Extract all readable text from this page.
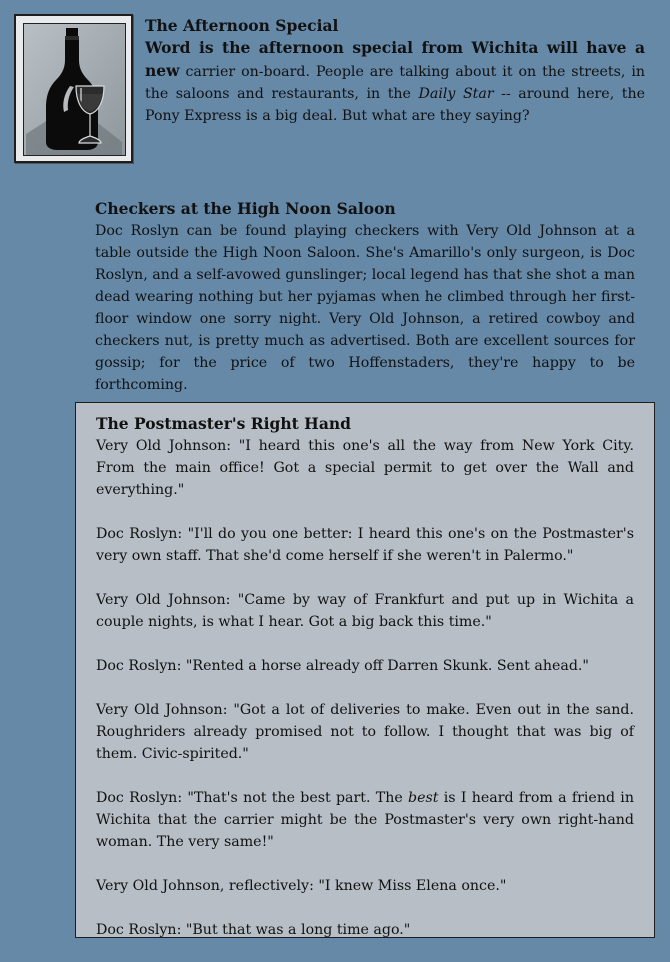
The Afternoon Special
Word is the afternoon special from Wichita will have a new carrier on-board. People are talking about it on the streets, in the saloons and restaurants, in the Daily Star -- around here, the Pony Express is a big deal. But what are they saying?
Checkers at the High Noon Saloon
Doc Roslyn can be found playing checkers with Very Old Johnson at a table outside the High Noon Saloon. She's Amarillo's only surgeon, is Doc Roslyn, and a self-avowed gunslinger; local legend has that she shot a man dead wearing nothing but her pyjamas when he climbed through her first-floor window one sorry night. Very Old Johnson, a retired cowboy and checkers nut, is pretty much as advertised. Both are excellent sources for gossip; for the price of two Hoffenstaders, they're happy to be forthcoming.
The Postmaster's Right Hand

Very Old Johnson: "I heard this one's all the way from New York City. From the main office! Got a special permit to get over the Wall and everything."

Doc Roslyn: "I'll do you one better: I heard this one's on the Postmaster's very own staff. That she'd come herself if she weren't in Palermo."

Very Old Johnson: "Came by way of Frankfurt and put up in Wichita a couple nights, is what I hear. Got a big back this time."

Doc Roslyn: "Rented a horse already off Darren Skunk. Sent ahead."

Very Old Johnson: "Got a lot of deliveries to make. Even out in the sand. Roughriders already promised not to follow. I thought that was big of them. Civic-spirited."

Doc Roslyn: "That's not the best part. The best is I heard from a friend in Wichita that the carrier might be the Postmaster's very own right-hand woman. The very same!"

Very Old Johnson, reflectively: "I knew Miss Elena once."

Doc Roslyn: "But that was a long time ago."
